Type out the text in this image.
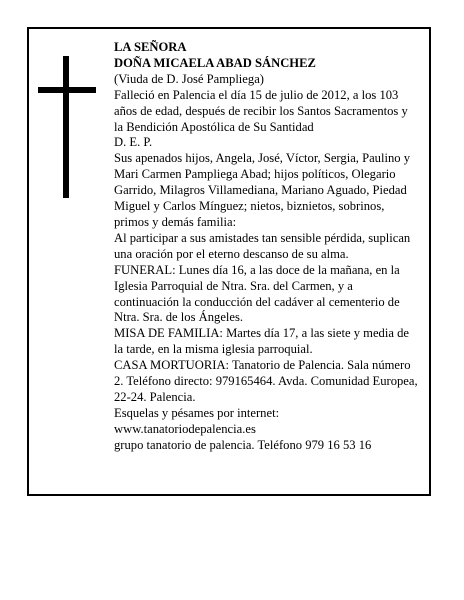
LA SEÑORA

DOÑA MICAELA ABAD SÁNCHEZ

(Viuda de D. José Pampliega)

Falleció en Palencia el día 15 de julio de 2012, a los 103 años de edad, después de recibir los Santos Sacramentos y la Bendición Apostólica de Su Santidad

D. E. P.

Sus apenados hijos, Angela, José, Víctor, Sergia, Paulino y Mari Carmen Pampliega Abad; hijos políticos, Olegario Garrido, Milagros Villamediana, Mariano Aguado, Piedad Miguel y Carlos Mínguez; nietos, biznietos, sobrinos, primos y demás familia:

Al participar a sus amistades tan sensible pérdida, suplican una oración por el eterno descanso de su alma.

FUNERAL: Lunes día 16, a las doce de la mañana, en la Iglesia Parroquial de Ntra. Sra. del Carmen, y a continuación la conducción del cadáver al cementerio de Ntra. Sra. de los Ángeles.

MISA DE FAMILIA: Martes día 17, a las siete y media de la tarde, en la misma iglesia parroquial.

CASA MORTUORIA: Tanatorio de Palencia. Sala número 2. Teléfono directo: 979165464. Avda. Comunidad Europea, 22-24. Palencia.

Esquelas y pésames por internet:

www.tanatoriodepalencia.es

grupo tanatorio de palencia. Teléfono 979 16 53 16
